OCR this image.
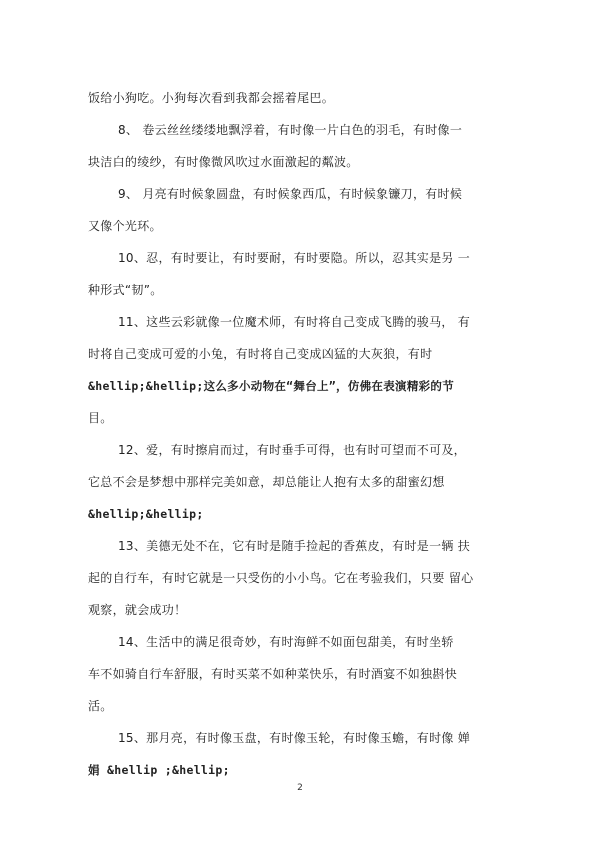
饭给小狗吃。小狗每次看到我都会摇着尾巴。
8、 卷云丝丝缕缕地飘浮着，有时像一片白色的羽毛，有时像一
块洁白的绫纱，有时像微风吹过水面激起的粼波。
9、 月亮有时候象圆盘，有时候象西瓜，有时候象镰刀，有时候
又像个光环。
10、忍，有时要让，有时要耐，有时要隐。所以，忍其实是另 一
种形式“韧”。
11、这些云彩就像一位魔术师，有时将自己变成飞腾的骏马， 有
时将自己变成可爱的小兔，有时将自己变成凶猛的大灰狼，有时
&hellip;&hellip;这么多小动物在“舞台上”，仿佛在表演精彩的节
目。
12、爱，有时擦肩而过，有时垂手可得，也有时可望而不可及，
它总不会是梦想中那样完美如意，却总能让人抱有太多的甜蜜幻想
&hellip;&hellip;
13、美德无处不在，它有时是随手捡起的香蕉皮，有时是一辆 扶
起的自行车，有时它就是一只受伤的小小鸟。它在考验我们，只要 留心
观察，就会成功！
14、生活中的满足很奇妙，有时海鲜不如面包甜美，有时坐轿
车不如骑自行车舒服，有时买菜不如种菜快乐，有时酒宴不如独斟快
活。
15、那月亮，有时像玉盘，有时像玉轮，有时像玉蟾，有时像 婵
娟 &hellip ;&hellip;
2
